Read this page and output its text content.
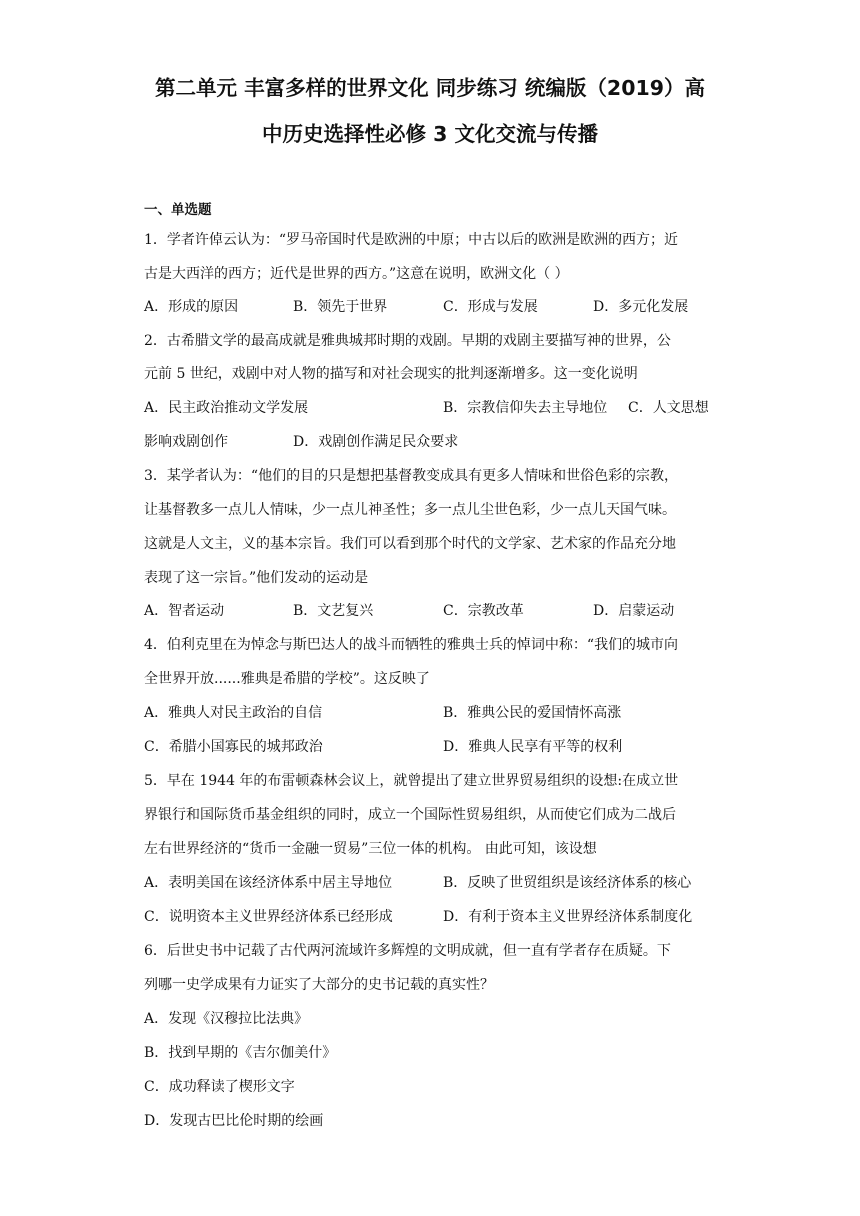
第二单元 丰富多样的世界文化 同步练习 统编版（2019）高
中历史选择性必修 3 文化交流与传播
一、单选题
1．学者许倬云认为：“罗马帝国时代是欧洲的中原；中古以后的欧洲是欧洲的西方；近
古是大西洋的西方；近代是世界的西方。”这意在说明，欧洲文化（ ）
A．形成的原因	B．领先于世界	C．形成与发展	D．多元化发展
2．古希腊文学的最高成就是雅典城邦时期的戏剧。早期的戏剧主要描写神的世界，公
元前 5 世纪，戏剧中对人物的描写和对社会现实的批判逐渐增多。这一变化说明
A．民主政治推动文学发展	B．宗教信仰失去主导地位 C．人文思想
影响戏剧创作	D．戏剧创作满足民众要求
3．某学者认为：“他们的目的只是想把基督教变成具有更多人情味和世俗色彩的宗教，
让基督教多一点儿人情味，少一点儿神圣性；多一点儿尘世色彩，少一点儿天国气味。
这就是人文主，义的基本宗旨。我们可以看到那个时代的文学家、艺术家的作品充分地
表现了这一宗旨。”他们发动的运动是
A．智者运动	B．文艺复兴	C．宗教改革	D．启蒙运动
4．伯利克里在为悼念与斯巴达人的战斗而牺牲的雅典士兵的悼词中称：“我们的城市向
全世界开放......雅典是希腊的学校”。这反映了
A．雅典人对民主政治的自信	B．雅典公民的爱国情怀高涨
C．希腊小国寡民的城邦政治	D．雅典人民享有平等的权利
5．早在 1944 年的布雷顿森林会议上，就曾提出了建立世界贸易组织的设想:在成立世
界银行和国际货币基金组织的同时，成立一个国际性贸易组织，从而使它们成为二战后
左右世界经济的“货币一金融一贸易”三位一体的机构。 由此可知，该设想
A．表明美国在该经济体系中居主导地位	B．反映了世贸组织是该经济体系的核心
C．说明资本主义世界经济体系已经形成	D．有利于资本主义世界经济体系制度化
6．后世史书中记载了古代两河流域许多辉煌的文明成就，但一直有学者存在质疑。下
列哪一史学成果有力证实了大部分的史书记载的真实性？
A．发现《汉穆拉比法典》
B．找到早期的《吉尔伽美什》
C．成功释读了楔形文字
D．发现古巴比伦时期的绘画
